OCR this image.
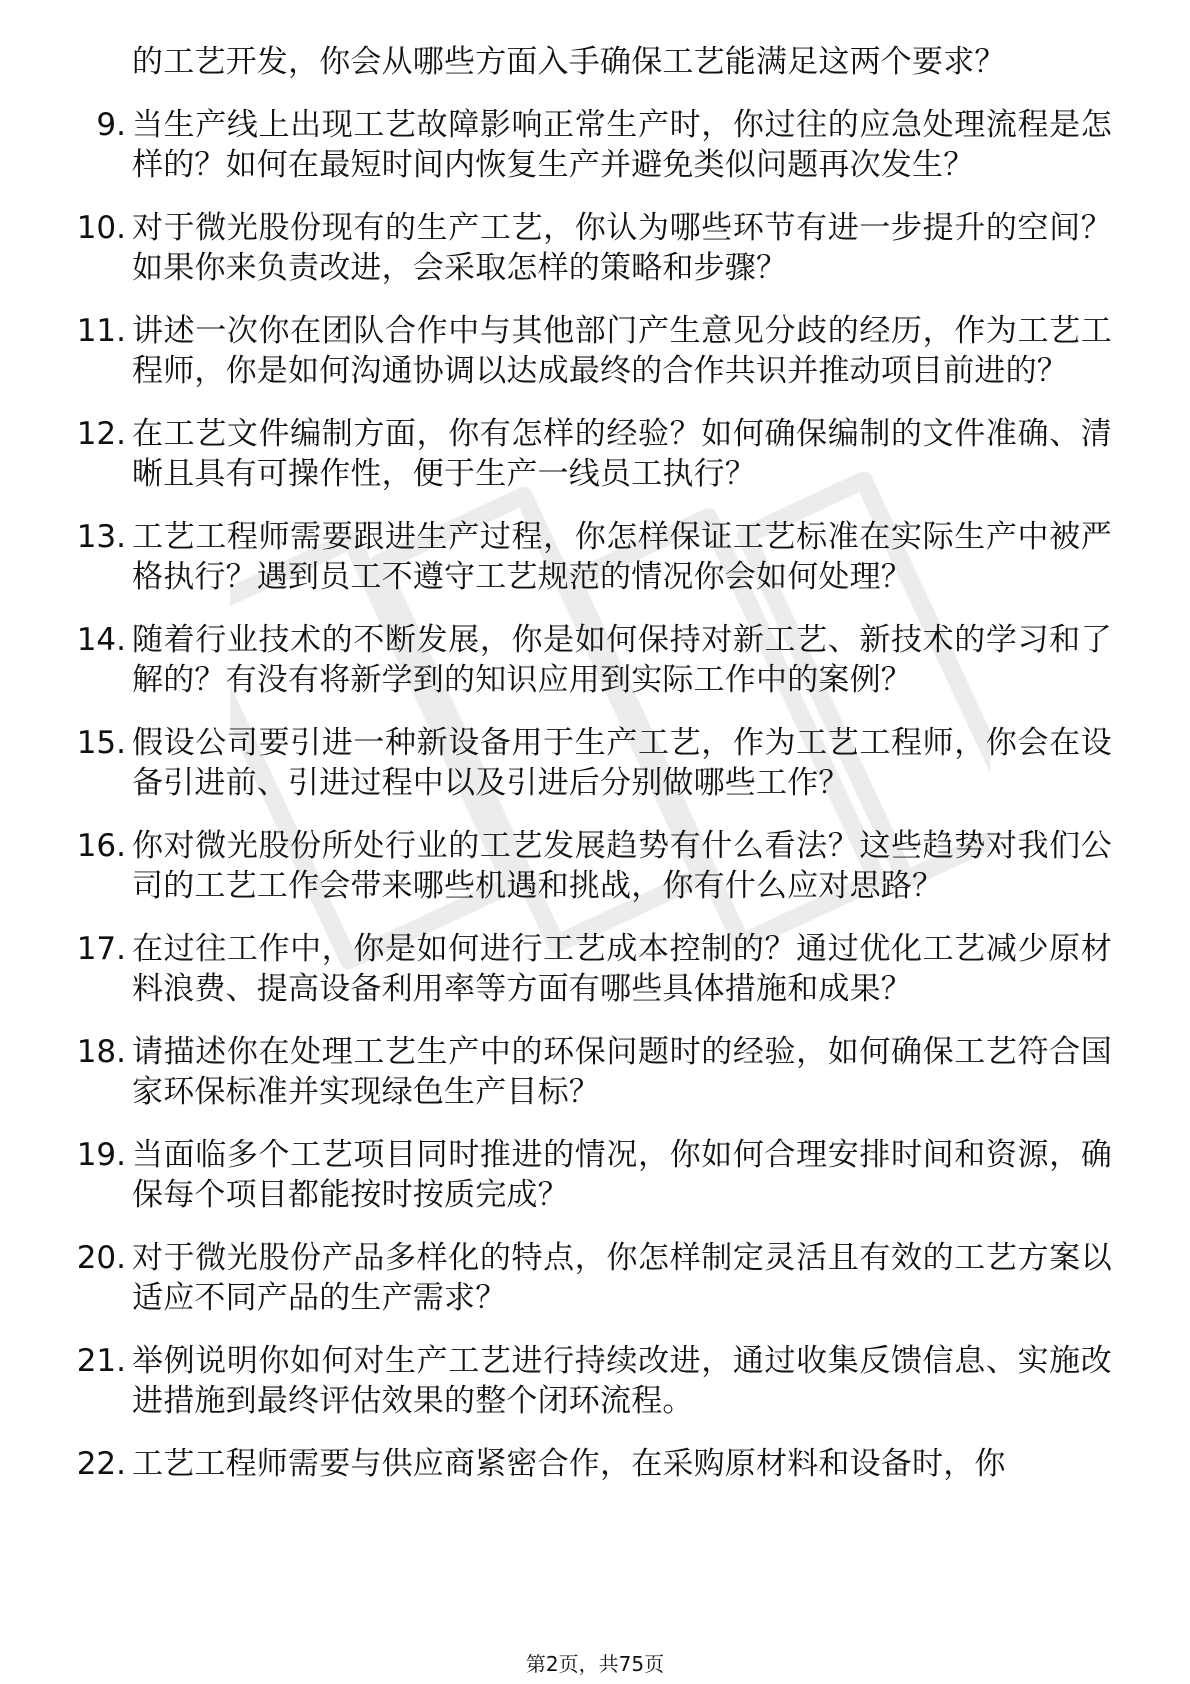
的工艺开发，你会从哪些方面入手确保工艺能满足这两个要求？
9. 当生产线上出现工艺故障影响正常生产时，你过往的应急处理流程是怎样的？如何在最短时间内恢复生产并避免类似问题再次发生？
10. 对于微光股份现有的生产工艺，你认为哪些环节有进一步提升的空间？如果你来负责改进，会采取怎样的策略和步骤？
11. 讲述一次你在团队合作中与其他部门产生意见分歧的经历，作为工艺工程师，你是如何沟通协调以达成最终的合作共识并推动项目前进的？
12. 在工艺文件编制方面，你有怎样的经验？如何确保编制的文件准确、清晰且具有可操作性，便于生产一线员工执行？
13. 工艺工程师需要跟进生产过程，你怎样保证工艺标准在实际生产中被严格执行？遇到员工不遵守工艺规范的情况你会如何处理？
14. 随着行业技术的不断发展，你是如何保持对新工艺、新技术的学习和了解的？有没有将新学到的知识应用到实际工作中的案例？
15. 假设公司要引进一种新设备用于生产工艺，作为工艺工程师，你会在设备引进前、引进过程中以及引进后分别做哪些工作？
16. 你对微光股份所处行业的工艺发展趋势有什么看法？这些趋势对我们公司的工艺工作会带来哪些机遇和挑战，你有什么应对思路？
17. 在过往工作中，你是如何进行工艺成本控制的？通过优化工艺减少原材料浪费、提高设备利用率等方面有哪些具体措施和成果？
18. 请描述你在处理工艺生产中的环保问题时的经验，如何确保工艺符合国家环保标准并实现绿色生产目标？
19. 当面临多个工艺项目同时推进的情况，你如何合理安排时间和资源，确保每个项目都能按时按质完成？
20. 对于微光股份产品多样化的特点，你怎样制定灵活且有效的工艺方案以适应不同产品的生产需求？
21. 举例说明你如何对生产工艺进行持续改进，通过收集反馈信息、实施改进措施到最终评估效果的整个闭环流程。
22. 工艺工程师需要与供应商紧密合作，在采购原材料和设备时，你
第2页，共75页
